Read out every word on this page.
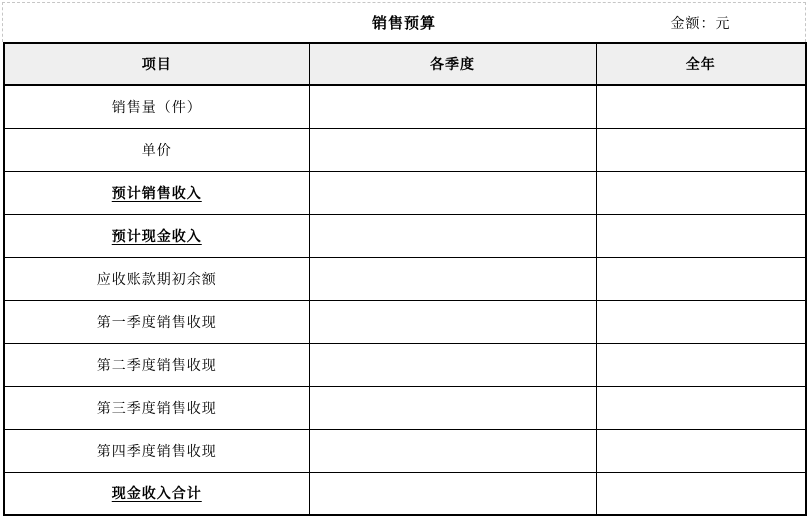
销售预算	金额：元
项目	各季度	全年
销售量（件）		
单价		
预计销售收入		
预计现金收入		
应收账款期初余额		
第一季度销售收现		
第二季度销售收现		
第三季度销售收现		
第四季度销售收现		
现金收入合计		
